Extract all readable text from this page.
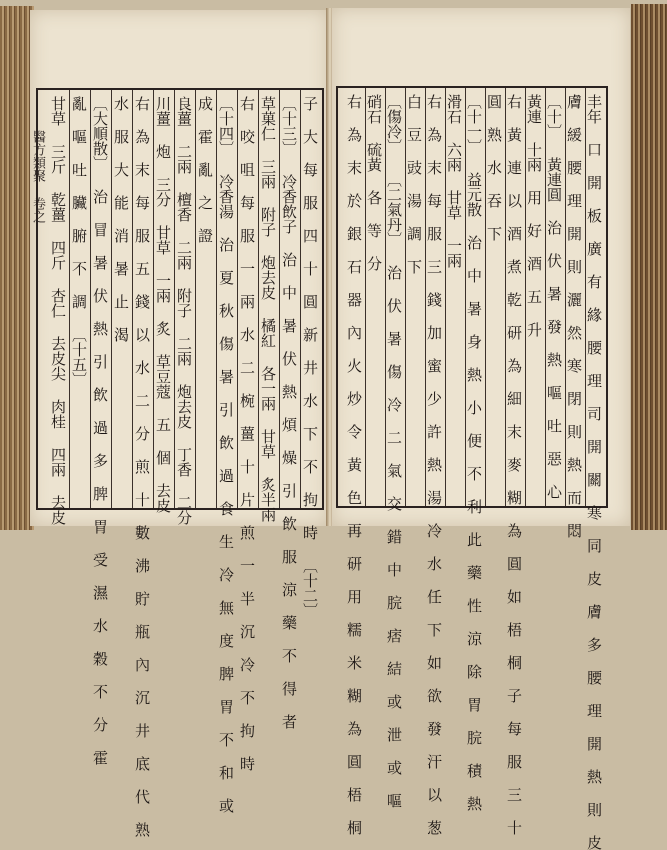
子 大 每 服 四 十 圓 新 井 水 下 不 拘 時 〔十二〕
〔十三〕 冷香飲子 治 中 暑 伏 熱 煩 燥 引 飲 服 涼 藥 不 得 者
草菓仁 三兩 附子 炮去皮 橘紅 各一兩 甘草 炙半兩
右 咬 咀 每 服 一 兩 水 二 椀 薑 十 片 煎 一 半 沉 冷 不 拘 時
〔十四〕 冷香湯 治 夏 秋 傷 暑 引 飲 過 食 生 冷 無 度 脾 胃 不 和 或
成 霍 亂 之 證
良薑 二兩 檀香 二兩 附子 二兩 炮去皮 丁香 二分
川薑 炮 三分 甘草 一兩 炙 草豆蔻 五 個 去皮
右 為 末 每 服 五 錢 以 水 二 分 煎 十 數 沸 貯 瓶 內 沉 井 底 代 熟
水 服 大 能 消 暑 止 渴
〔大順散〕 治 冒 暑 伏 熱 引 飲 過 多 脾 胃 受 濕 水 穀 不 分 霍
亂 嘔 吐 臟 腑 不 調 〔十五〕
甘草 三斤 乾薑 四斤 杏仁 去皮尖 肉桂 四兩 去皮
醫方類聚 卷之	丰年 口 開 板 廣 有 緣 腰 理 司 開 關 寒 同 皮 膚 多 腰 理 開 熱 則 皮
膚 緩 腰 理 開 則 灑 然 寒 閉 則 熱 而 悶
〔十〕 黃連圓 治 伏 暑 發 熱 嘔 吐 惡 心
黃連 十兩 用 好 酒 五 升
右 黃 連 以 酒 煮 乾 研 為 細 末 麥 糊 為 圓 如 梧 桐 子 每 服 三 十
圓 熟 水 吞 下
〔十一〕 益元散 治 中 暑 身 熱 小 便 不 利 此 藥 性 涼 除 胃 脘 積 熱
滑石 六兩 甘草 一兩
右 為 末 每 服 三 錢 加 蜜 少 許 熱 湯 冷 水 任 下 如 欲 發 汗 以 葱
白 豆 豉 湯 調 下
〔傷冷〕 〔二氣丹〕 治 伏 暑 傷 冷 二 氣 交 錯 中 脘 痞 結 或 泄 或 嘔
硝石 硫黃 各 等 分
右 為 末 於 銀 石 器 內 火 炒 令 黃 色 再 研 用 糯 米 糊 為 圓 梧 桐
